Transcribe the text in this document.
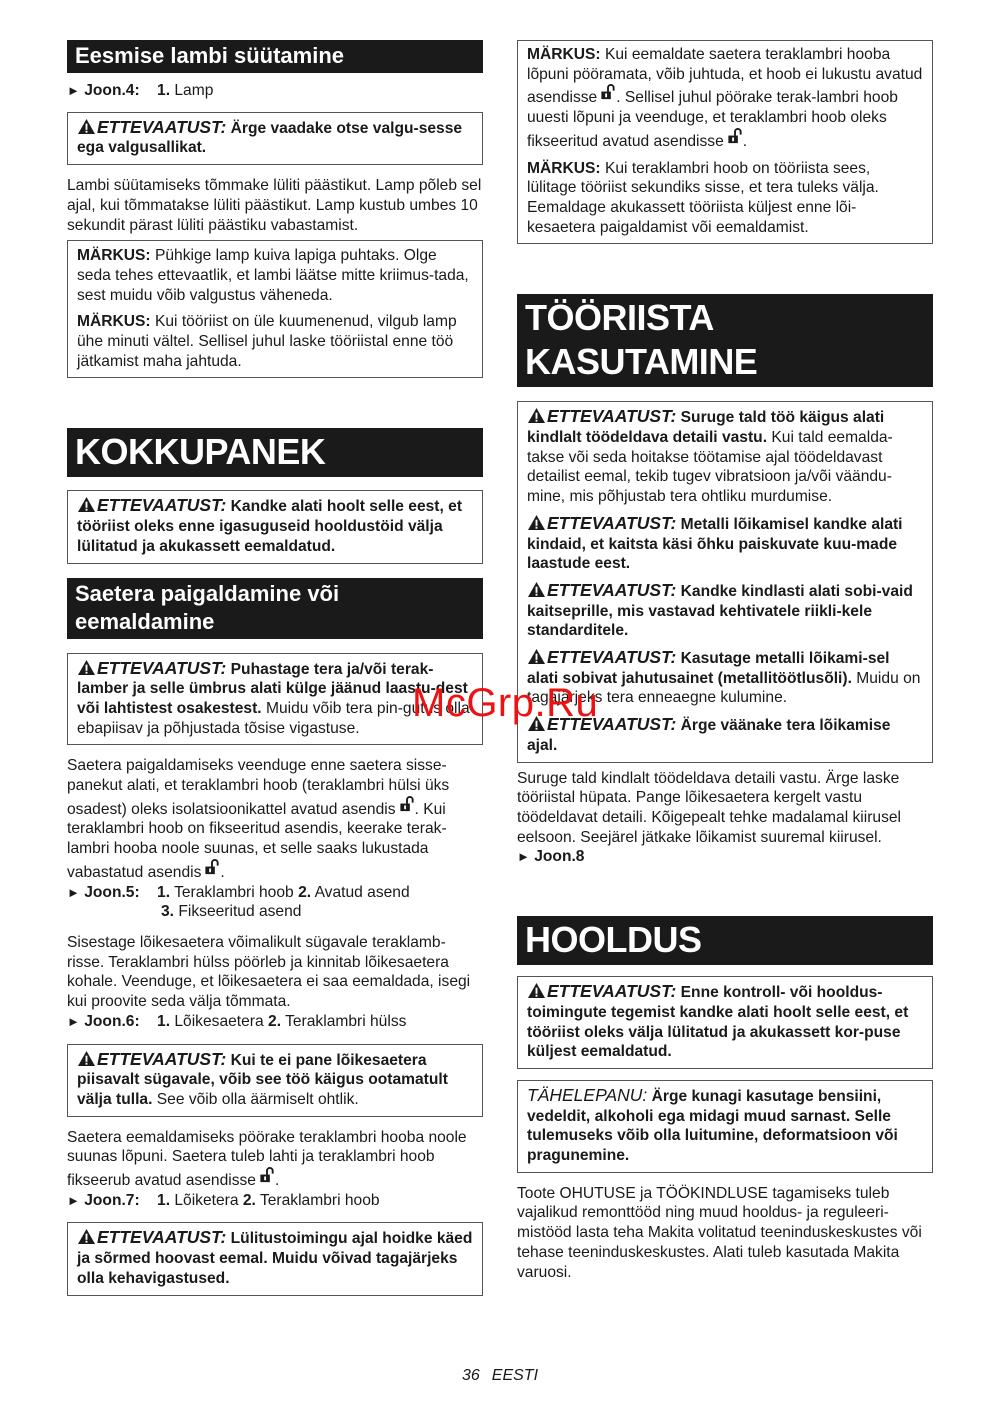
Eesmise lambi süütamine

► Joon.4: 1. Lamp

ETTEVAATUST: Ärge vaadake otse valgu-sesse ega valgusallikat.

Lambi süütamiseks tõmmake lüliti päästikut. Lamp põleb sel ajal, kui tõmmatakse lüliti päästikut. Lamp kustub umbes 10 sekundit pärast lüliti päästiku vabastamist.

MÄRKUS: Pühkige lamp kuiva lapiga puhtaks. Olge seda tehes ettevaatlik, et lambi läätse mitte kriimus-tada, sest muidu võib valgustus väheneda.

MÄRKUS: Kui tööriist on üle kuumenenud, vilgub lamp ühe minuti vältel. Sellisel juhul laske tööriistal enne töö jätkamist maha jahtuda.

KOKKUPANEK

ETTEVAATUST: Kandke alati hoolt selle eest, et tööriist oleks enne igasuguseid hooldustöid välja lülitatud ja akukassett eemaldatud.

Saetera paigaldamine või eemaldamine

ETTEVAATUST: Puhastage tera ja/või terak-lamber ja selle ümbrus alati külge jäänud laastu-dest või lahtistest osakestest. Muidu võib tera pin-gutus olla ebapiisav ja põhjustada tõsise vigastuse.

Saetera paigaldamiseks veenduge enne saetera sisse-panekut alati, et teraklambri hoob (teraklambri hülsi üks osadest) oleks isolatsioonikattel avatud asendis . Kui teraklambri hoob on fikseeritud asendis, keerake terak-lambri hooba noole suunas, et selle saaks lukustada vabastatud asendis .

► Joon.5: 1. Teraklambri hoob 2. Avatud asend

3. Fikseeritud asend

Sisestage lõikesaetera võimalikult sügavale teraklamb-risse. Teraklambri hülss pöörleb ja kinnitab lõikesaetera kohale. Veenduge, et lõikesaetera ei saa eemaldada, isegi kui proovite seda välja tõmmata.

► Joon.6: 1. Lõikesaetera 2. Teraklambri hülss

ETTEVAATUST: Kui te ei pane lõikesaetera piisavalt sügavale, võib see töö käigus ootamatult välja tulla. See võib olla äärmiselt ohtlik.

Saetera eemaldamiseks pöörake teraklambri hooba noole suunas lõpuni. Saetera tuleb lahti ja teraklambri hoob fikseerub avatud asendisse .

► Joon.7: 1. Lõiketera 2. Teraklambri hoob

ETTEVAATUST: Lülitustoimingu ajal hoidke käed ja sõrmed hoovast eemal. Muidu võivad tagajärjeks olla kehavigastused.

MÄRKUS: Kui eemaldate saetera teraklambri hooba lõpuni pööramata, võib juhtuda, et hoob ei lukustu avatud asendisse . Sellisel juhul pöörake terak-lambri hoob uuesti lõpuni ja veenduge, et teraklambri hoob oleks fikseeritud avatud asendisse .

MÄRKUS: Kui teraklambri hoob on tööriista sees, lülitage tööriist sekundiks sisse, et tera tuleks välja. Eemaldage akukassett tööriista küljest enne lõi-kesaetera paigaldamist või eemaldamist.

TÖÖRIISTA KASUTAMINE

ETTEVAATUST: Suruge tald töö käigus alati kindlalt töödeldava detaili vastu. Kui tald eemalda-takse või seda hoitakse töötamise ajal töödeldavast detailist eemal, tekib tugev vibratsioon ja/või väändu-mine, mis põhjustab tera ohtliku murdumise.

ETTEVAATUST: Metalli lõikamisel kandke alati kindaid, et kaitsta käsi õhku paiskuvate kuu-made laastude eest.

ETTEVAATUST: Kandke kindlasti alati sobi-vaid kaitseprille, mis vastavad kehtivatele riikli-kele standarditele.

ETTEVAATUST: Kasutage metalli lõikami-sel alati sobivat jahutusainet (metallitöötlusõli). Muidu on tagajärjeks tera enneaegne kulumine.

ETTEVAATUST: Ärge väänake tera lõikamise ajal.

Suruge tald kindlalt töödeldava detaili vastu. Ärge laske tööriistal hüpata. Pange lõikesaetera kergelt vastu töödeldavat detaili. Kõigepealt tehke madalamal kiirusel eelsoon. Seejärel jätkake lõikamist suuremal kiirusel.

► Joon.8

HOOLDUS

ETTEVAATUST: Enne kontroll- või hooldus-toimingute tegemist kandke alati hoolt selle eest, et tööriist oleks välja lülitatud ja akukassett kor-puse küljest eemaldatud.

TÄHELEPANU: Ärge kunagi kasutage bensiini, vedeldit, alkoholi ega midagi muud sarnast. Selle tulemuseks võib olla luitumine, deformatsioon või pragunemine.

Toote OHUTUSE ja TÖÖKINDLUSE tagamiseks tuleb vajalikud remonttööd ning muud hooldus- ja reguleeri-mistööd lasta teha Makita volitatud teeninduskeskustes või tehase teeninduskeskustes. Alati tuleb kasutada Makita varuosi.

McGrp.Ru
36 EESTI
